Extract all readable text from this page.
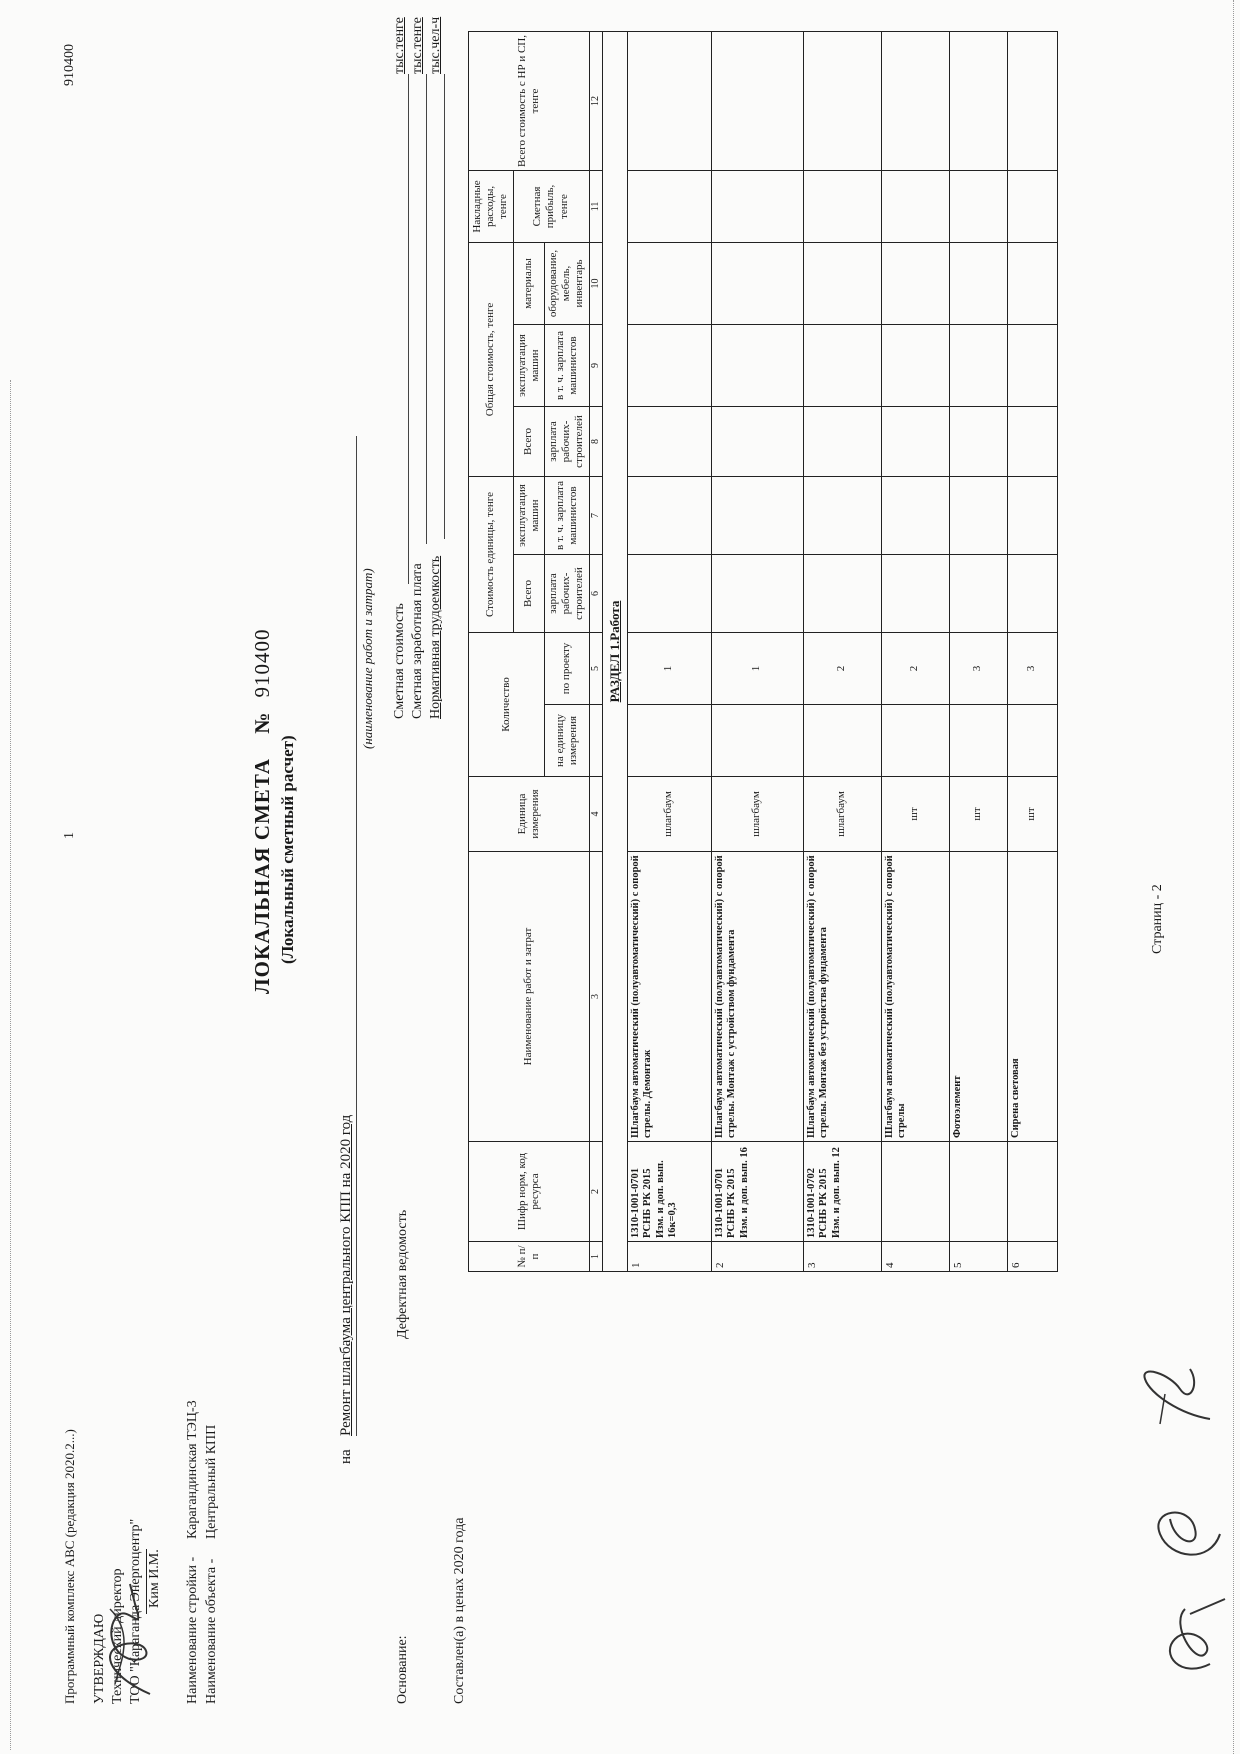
Программный комплекс АВС (редакция 2020.2...)
1
910400
УТВЕРЖДАЮ Технический директор ТОО "Караганда Энергоцентр" Ким И.М. Наименование стройки -
Карагандинская ТЭЦ-3
Наименование объекта -
Центральный КПП
ЛОКАЛЬНАЯ СМЕТА № 910400
(Локальный сметный расчет)
на
Ремонт шлагбаума центрального КПП на 2020 год
(наименование работ и затрат)
Основание:
Дефектная ведомость
Сметная стоимость
тыс.тенге
Сметная заработная плата
тыс.тенге
Нормативная трудоемкость
тыс.чел-ч
Составлен(а) в ценах 2020 года
№ п/п	Шифр норм, код ресурса	Наименование работ и затрат	Единица измерения	Количество		Стоимость единицы, тенге		Общая стоимость, тенге			Накладные расходы, тенге	Всего стоимость с НР и СП, тенге
						Всего	эксплуатация машин	Всего	эксплуатация машин	материалы	Сметная прибыль, тенге	
				на единицу измерения	по проекту	зарплата рабочих-строителей	в т. ч. зарплата машинистов	зарплата рабочих-строителей	в т. ч. зарплата машинистов	оборудование, мебель, инвентарь		
1	2	3	4		5	6	7	8	9	10	11	12
РАЗДЕЛ 1.Работа												
1	1310-1001-0701 РСНБ РК 2015 Изм. и доп. вып. 16к=0,3	Шлагбаум автоматический (полуавтоматический) с опорой стрелы. Демонтаж	шлагбаум		1							
2	1310-1001-0701 РСНБ РК 2015 Изм. и доп. вып. 16	Шлагбаум автоматический (полуавтоматический) с опорой стрелы. Монтаж с устройством фундамента	шлагбаум		1							
3	1310-1001-0702 РСНБ РК 2015 Изм. и доп. вып. 12	Шлагбаум автоматический (полуавтоматический) с опорой стрелы. Монтаж без устройства фундамента	шлагбаум		2							
4		Шлагбаум автоматический (полуавтоматический) с опорой стрелы	шт		2							
5		Фотоэлемент	шт		3							
6		Сирена световая	шт		3							
Страниц - 2
